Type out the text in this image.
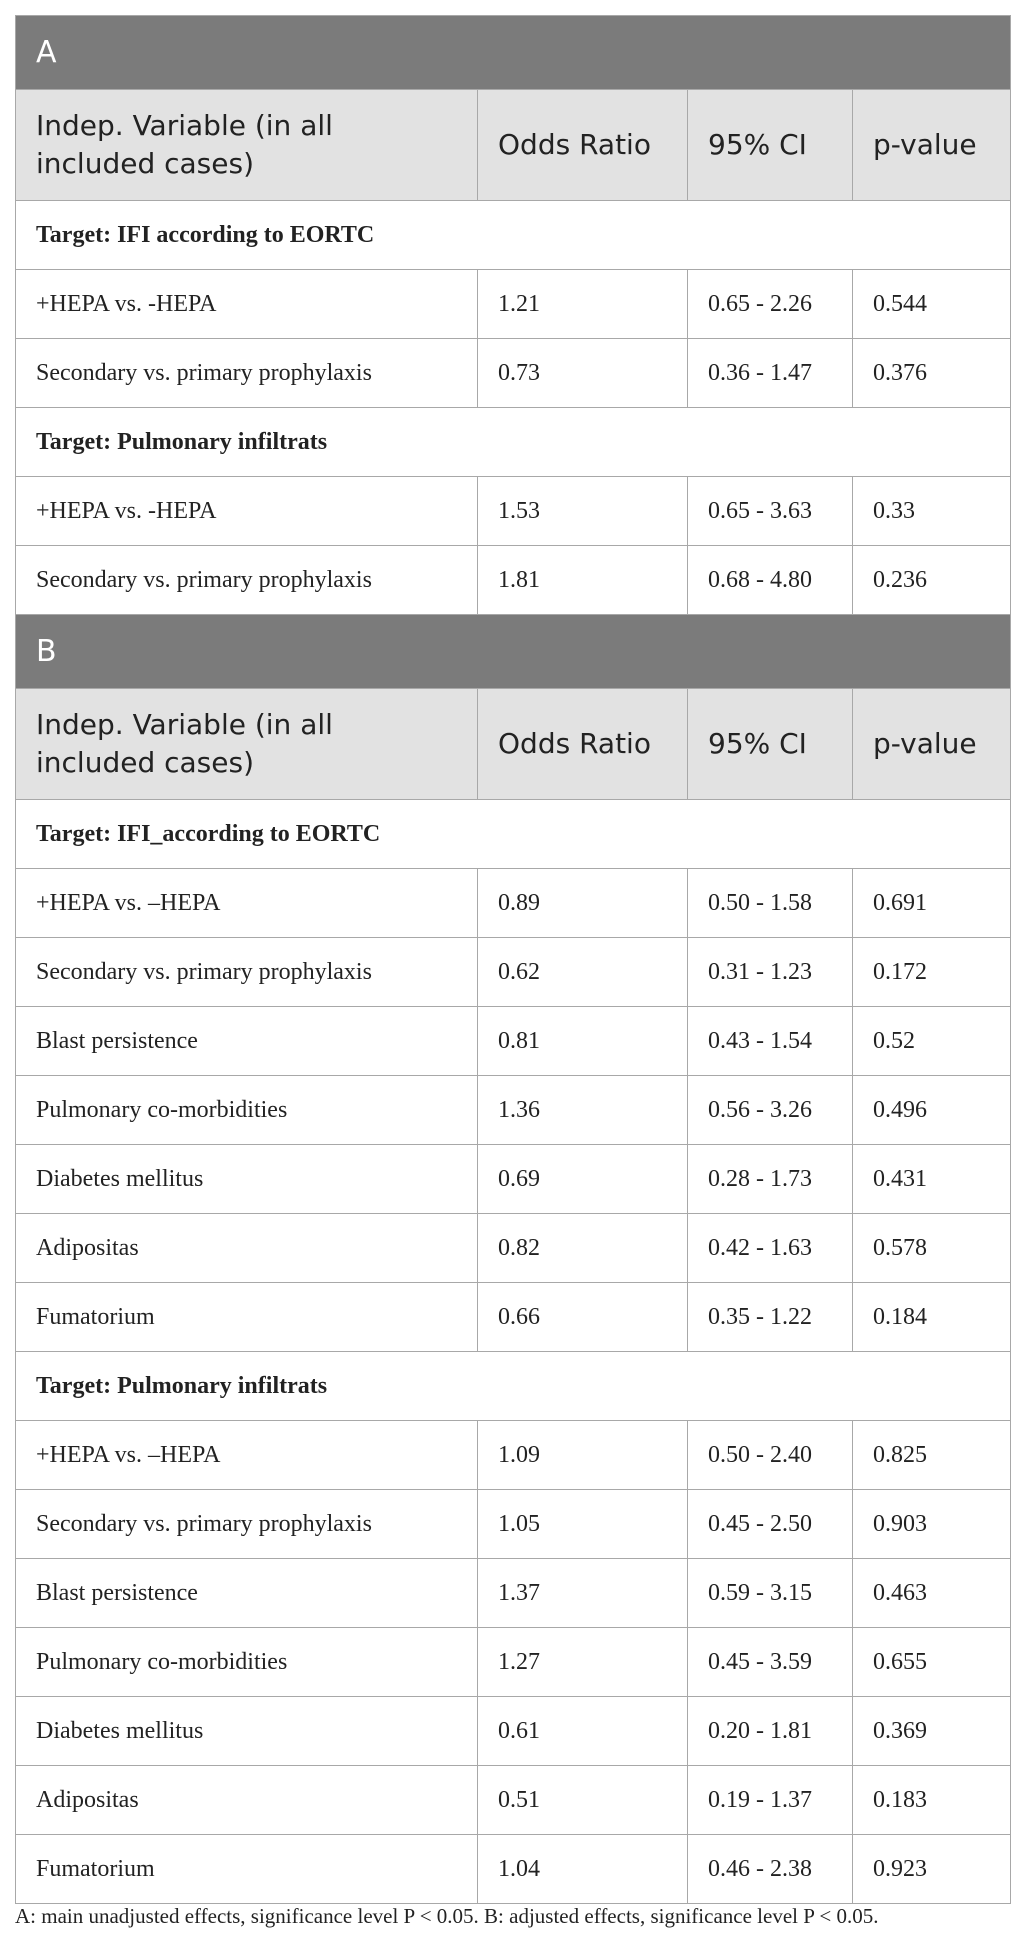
A			
Indep. Variable (in all included cases)	Odds Ratio	95% CI	p-value
Target: IFI according to EORTC			
+HEPA vs. -HEPA	1.21	0.65 - 2.26	0.544
Secondary vs. primary prophylaxis	0.73	0.36 - 1.47	0.376
Target: Pulmonary infiltrats			
+HEPA vs. -HEPA	1.53	0.65 - 3.63	0.33
Secondary vs. primary prophylaxis	1.81	0.68 - 4.80	0.236
B			
Indep. Variable (in all included cases)	Odds Ratio	95% CI	p-value
Target: IFI_according to EORTC			
+HEPA vs. –HEPA	0.89	0.50 - 1.58	0.691
Secondary vs. primary prophylaxis	0.62	0.31 - 1.23	0.172
Blast persistence	0.81	0.43 - 1.54	0.52
Pulmonary co-morbidities	1.36	0.56 - 3.26	0.496
Diabetes mellitus	0.69	0.28 - 1.73	0.431
Adipositas	0.82	0.42 - 1.63	0.578
Fumatorium	0.66	0.35 - 1.22	0.184
Target: Pulmonary infiltrats			
+HEPA vs. –HEPA	1.09	0.50 - 2.40	0.825
Secondary vs. primary prophylaxis	1.05	0.45 - 2.50	0.903
Blast persistence	1.37	0.59 - 3.15	0.463
Pulmonary co-morbidities	1.27	0.45 - 3.59	0.655
Diabetes mellitus	0.61	0.20 - 1.81	0.369
Adipositas	0.51	0.19 - 1.37	0.183
Fumatorium	1.04	0.46 - 2.38	0.923
A: main unadjusted effects, significance level P < 0.05. B: adjusted effects, significance level P < 0.05.
